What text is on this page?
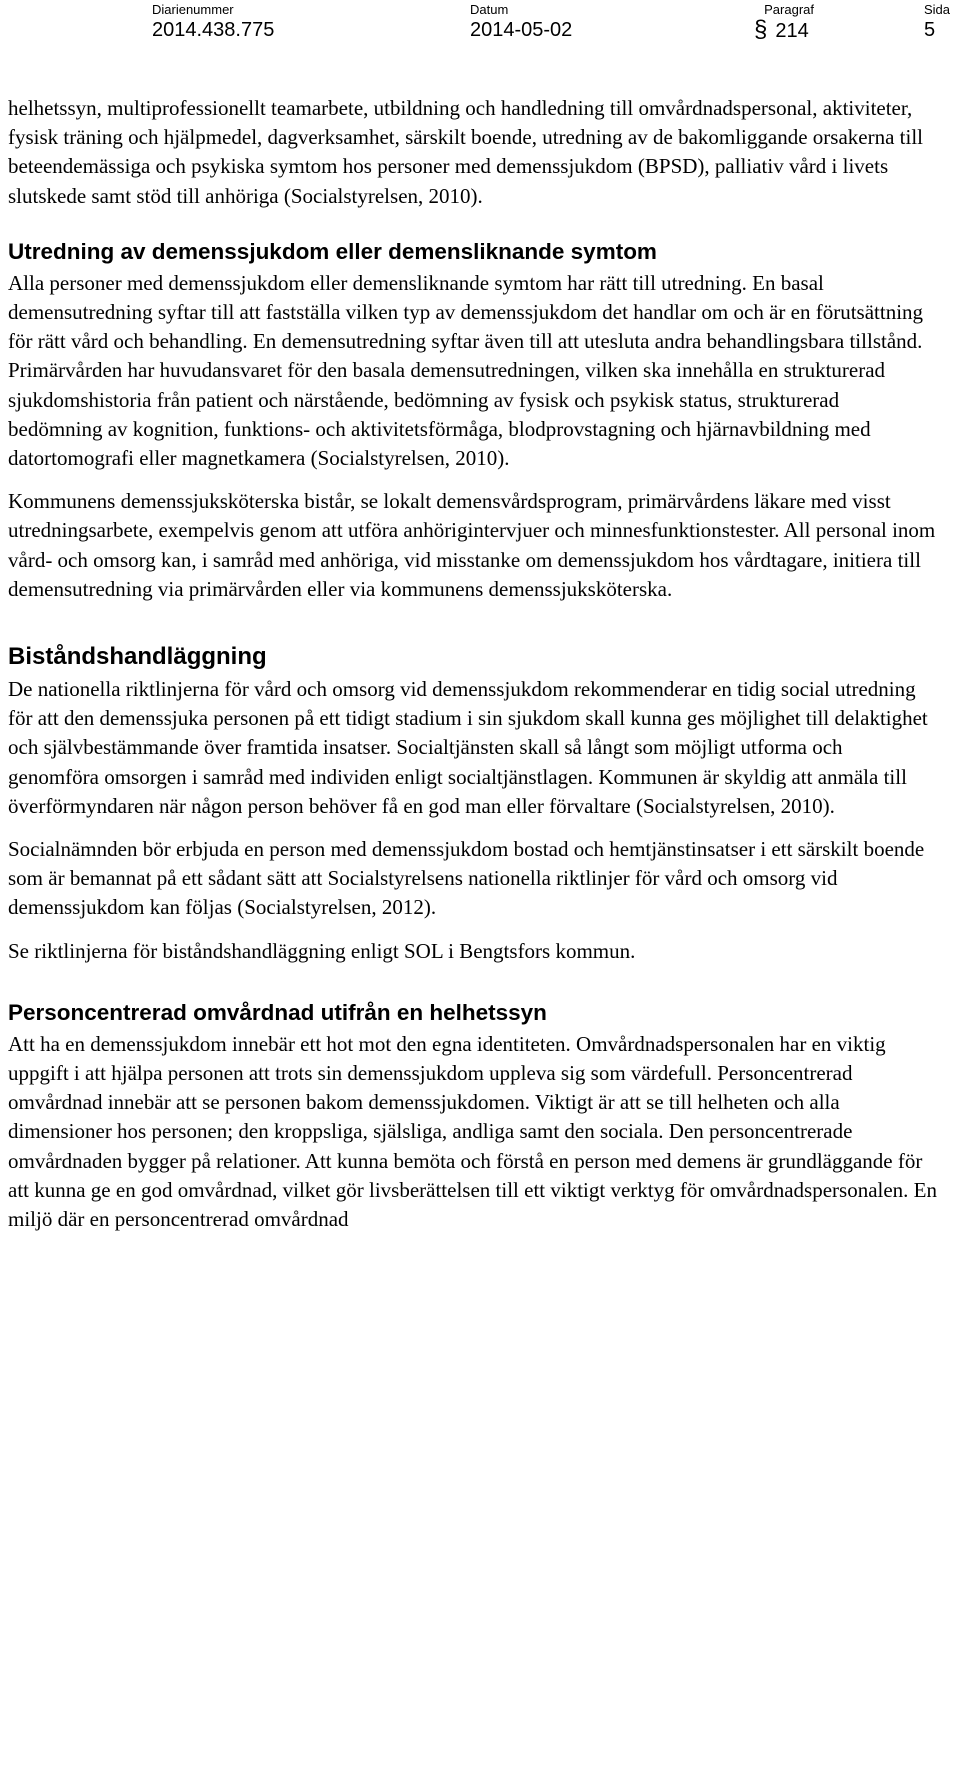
Diarienummer
2014.438.775
Datum
2014-05-02
Paragraf
§ 214
Sida
5

helhetssyn, multiprofessionellt teamarbete, utbildning och handledning till omvårdnadspersonal, aktiviteter, fysisk träning och hjälpmedel, dagverksamhet, särskilt boende, utredning av de bakomliggande orsakerna till beteendemässiga och psykiska symtom hos personer med demenssjukdom (BPSD), palliativ vård i livets slutskede samt stöd till anhöriga (Socialstyrelsen, 2010).

Utredning av demenssjukdom eller demensliknande symtom

Alla personer med demenssjukdom eller demensliknande symtom har rätt till utredning. En basal demensutredning syftar till att fastställa vilken typ av demenssjukdom det handlar om och är en förutsättning för rätt vård och behandling. En demensutredning syftar även till att utesluta andra behandlingsbara tillstånd. Primärvården har huvudansvaret för den basala demensutredningen, vilken ska innehålla en strukturerad sjukdomshistoria från patient och närstående, bedömning av fysisk och psykisk status, strukturerad bedömning av kognition, funktions- och aktivitetsförmåga, blodprovstagning och hjärnavbildning med datortomografi eller magnetkamera (Socialstyrelsen, 2010).

Kommunens demenssjuksköterska bistår, se lokalt demensvårdsprogram, primärvårdens läkare med visst utredningsarbete, exempelvis genom att utföra anhörigintervjuer och minnesfunktionstester. All personal inom vård- och omsorg kan, i samråd med anhöriga, vid misstanke om demenssjukdom hos vårdtagare, initiera till demensutredning via primärvården eller via kommunens demenssjuksköterska.

Biståndshandläggning

De nationella riktlinjerna för vård och omsorg vid demenssjukdom rekommenderar en tidig social utredning för att den demenssjuka personen på ett tidigt stadium i sin sjukdom skall kunna ges möjlighet till delaktighet och självbestämmande över framtida insatser. Socialtjänsten skall så långt som möjligt utforma och genomföra omsorgen i samråd med individen enligt socialtjänstlagen. Kommunen är skyldig att anmäla till överförmyndaren när någon person behöver få en god man eller förvaltare (Socialstyrelsen, 2010).

Socialnämnden bör erbjuda en person med demenssjukdom bostad och hemtjänstinsatser i ett särskilt boende som är bemannat på ett sådant sätt att Socialstyrelsens nationella riktlinjer för vård och omsorg vid demenssjukdom kan följas (Socialstyrelsen, 2012).

Se riktlinjerna för biståndshandläggning enligt SOL i Bengtsfors kommun.

Personcentrerad omvårdnad utifrån en helhetssyn

Att ha en demenssjukdom innebär ett hot mot den egna identiteten. Omvårdnadspersonalen har en viktig uppgift i att hjälpa personen att trots sin demenssjukdom uppleva sig som värdefull. Personcentrerad omvårdnad innebär att se personen bakom demenssjukdomen. Viktigt är att se till helheten och alla dimensioner hos personen; den kroppsliga, själsliga, andliga samt den sociala. Den personcentrerade omvårdnaden bygger på relationer. Att kunna bemöta och förstå en person med demens är grundläggande för att kunna ge en god omvårdnad, vilket gör livsberättelsen till ett viktigt verktyg för omvårdnadspersonalen. En miljö där en personcentrerad omvårdnad
